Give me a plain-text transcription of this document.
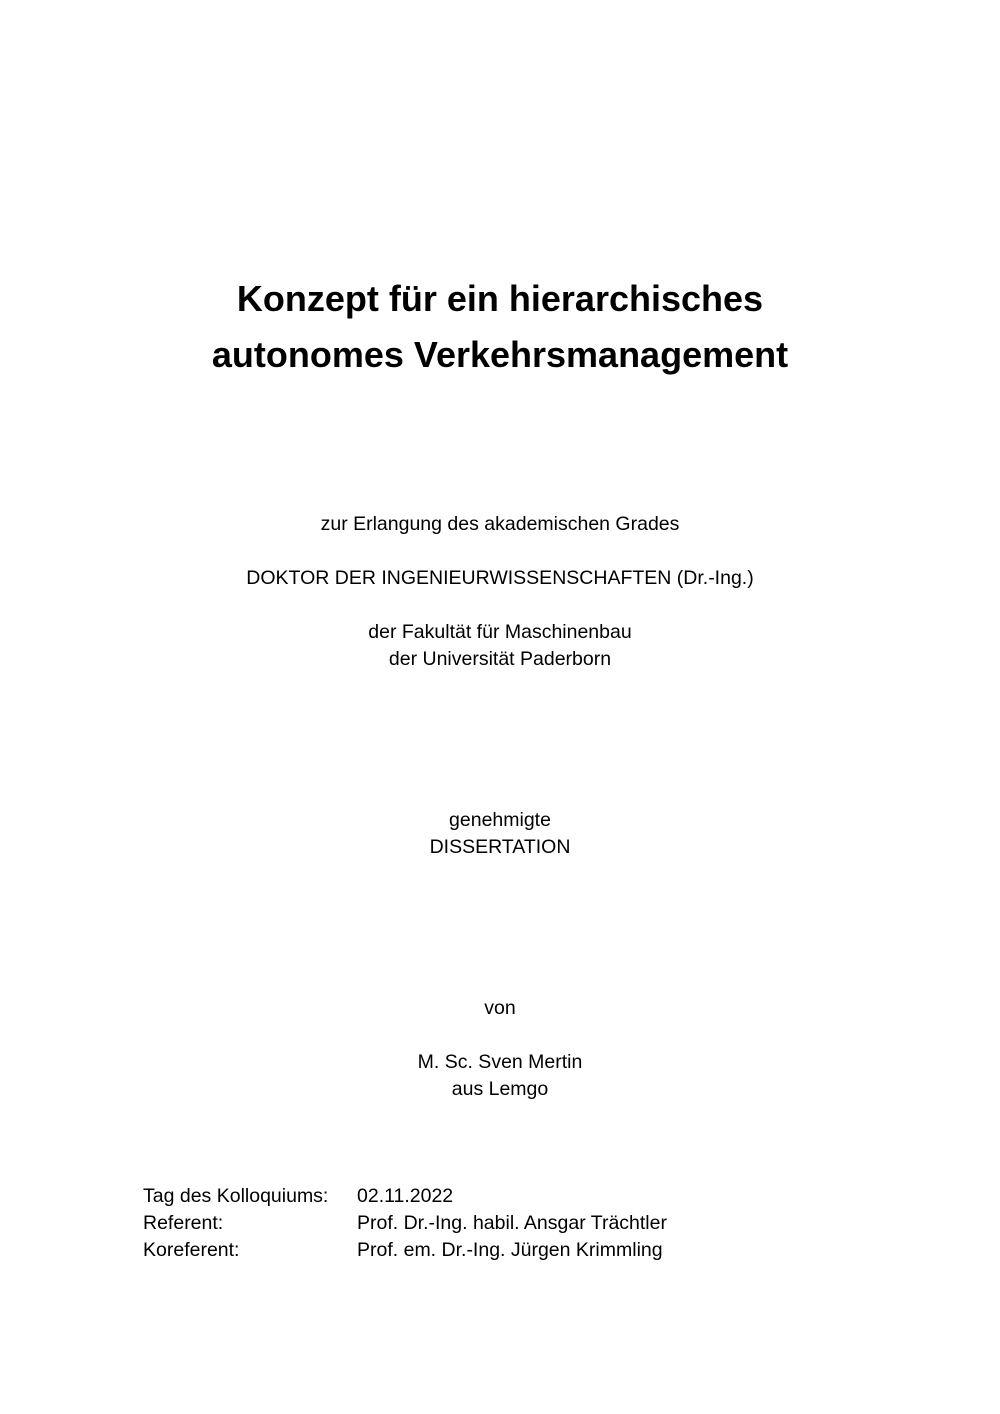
Konzept für ein hierarchisches
autonomes Verkehrsmanagement
zur Erlangung des akademischen Grades
DOKTOR DER INGENIEURWISSENSCHAFTEN (Dr.-Ing.)
der Fakultät für Maschinenbau
der Universität Paderborn
genehmigte
DISSERTATION
von
M. Sc. Sven Mertin
aus Lemgo
Tag des Kolloquiums: 02.11.2022
Referent:	Prof. Dr.-Ing. habil. Ansgar Trächtler
Koreferent:	Prof. em. Dr.-Ing. Jürgen Krimmling
